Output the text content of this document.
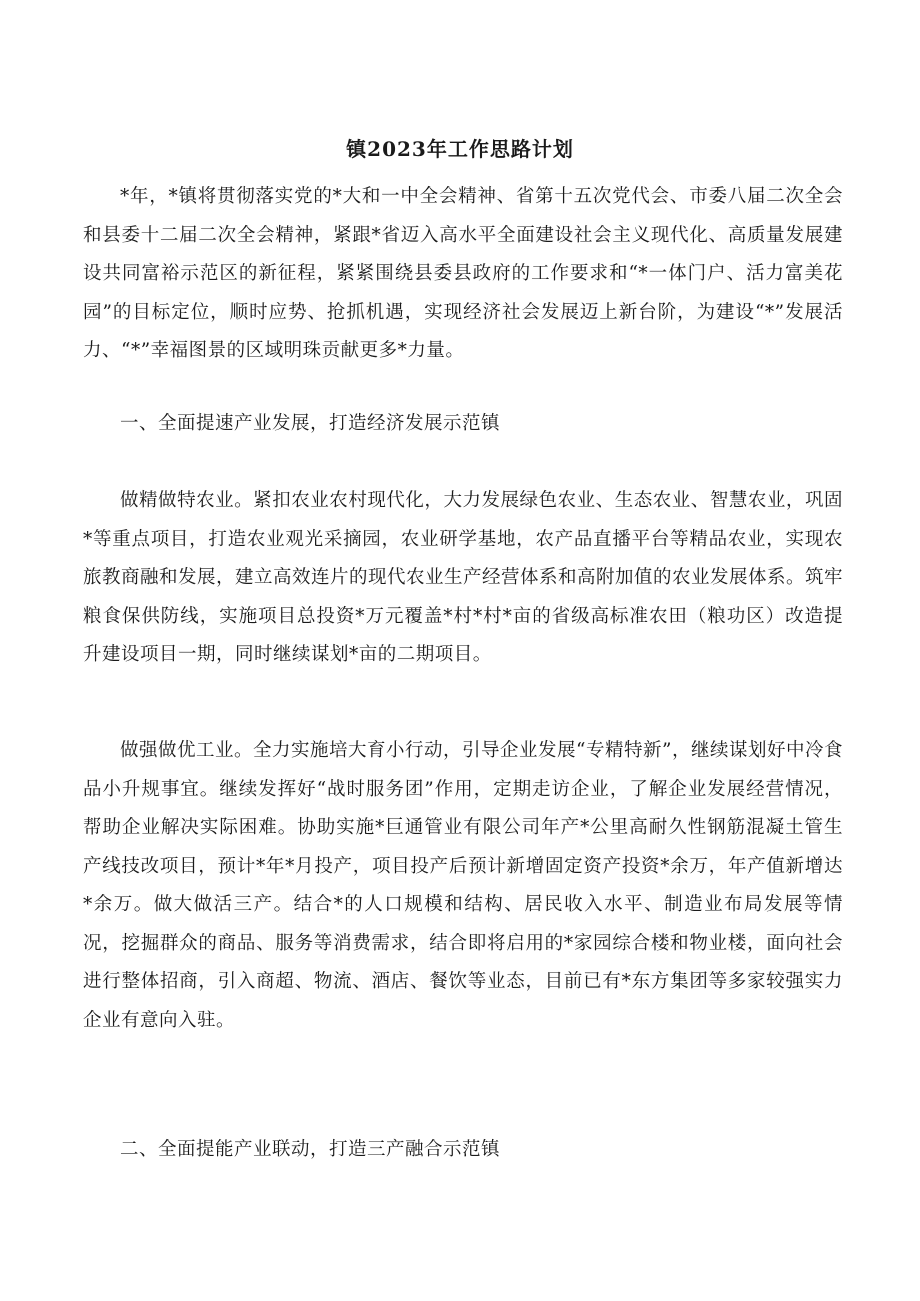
镇2023年工作思路计划
*年，*镇将贯彻落实党的*大和一中全会精神、省第十五次党代会、市委八届二次全会和县委十二届二次全会精神，紧跟*省迈入高水平全面建设社会主义现代化、高质量发展建设共同富裕示范区的新征程，紧紧围绕县委县政府的工作要求和“*一体门户、活力富美花园”的目标定位，顺时应势、抢抓机遇，实现经济社会发展迈上新台阶，为建设“*”发展活力、“*”幸福图景的区域明珠贡献更多*力量。
一、全面提速产业发展，打造经济发展示范镇
做精做特农业。紧扣农业农村现代化，大力发展绿色农业、生态农业、智慧农业，巩固*等重点项目，打造农业观光采摘园，农业研学基地，农产品直播平台等精品农业，实现农旅教商融和发展，建立高效连片的现代农业生产经营体系和高附加值的农业发展体系。筑牢粮食保供防线，实施项目总投资*万元覆盖*村*村*亩的省级高标准农田（粮功区）改造提升建设项目一期，同时继续谋划*亩的二期项目。
做强做优工业。全力实施培大育小行动，引导企业发展“专精特新”，继续谋划好中冷食品小升规事宜。继续发挥好“战时服务团”作用，定期走访企业，了解企业发展经营情况，帮助企业解决实际困难。协助实施*巨通管业有限公司年产*公里高耐久性钢筋混凝土管生产线技改项目，预计*年*月投产，项目投产后预计新增固定资产投资*余万，年产值新增达*余万。做大做活三产。结合*的人口规模和结构、居民收入水平、制造业布局发展等情况，挖掘群众的商品、服务等消费需求，结合即将启用的*家园综合楼和物业楼，面向社会进行整体招商，引入商超、物流、酒店、餐饮等业态，目前已有*东方集团等多家较强实力企业有意向入驻。
二、全面提能产业联动，打造三产融合示范镇
